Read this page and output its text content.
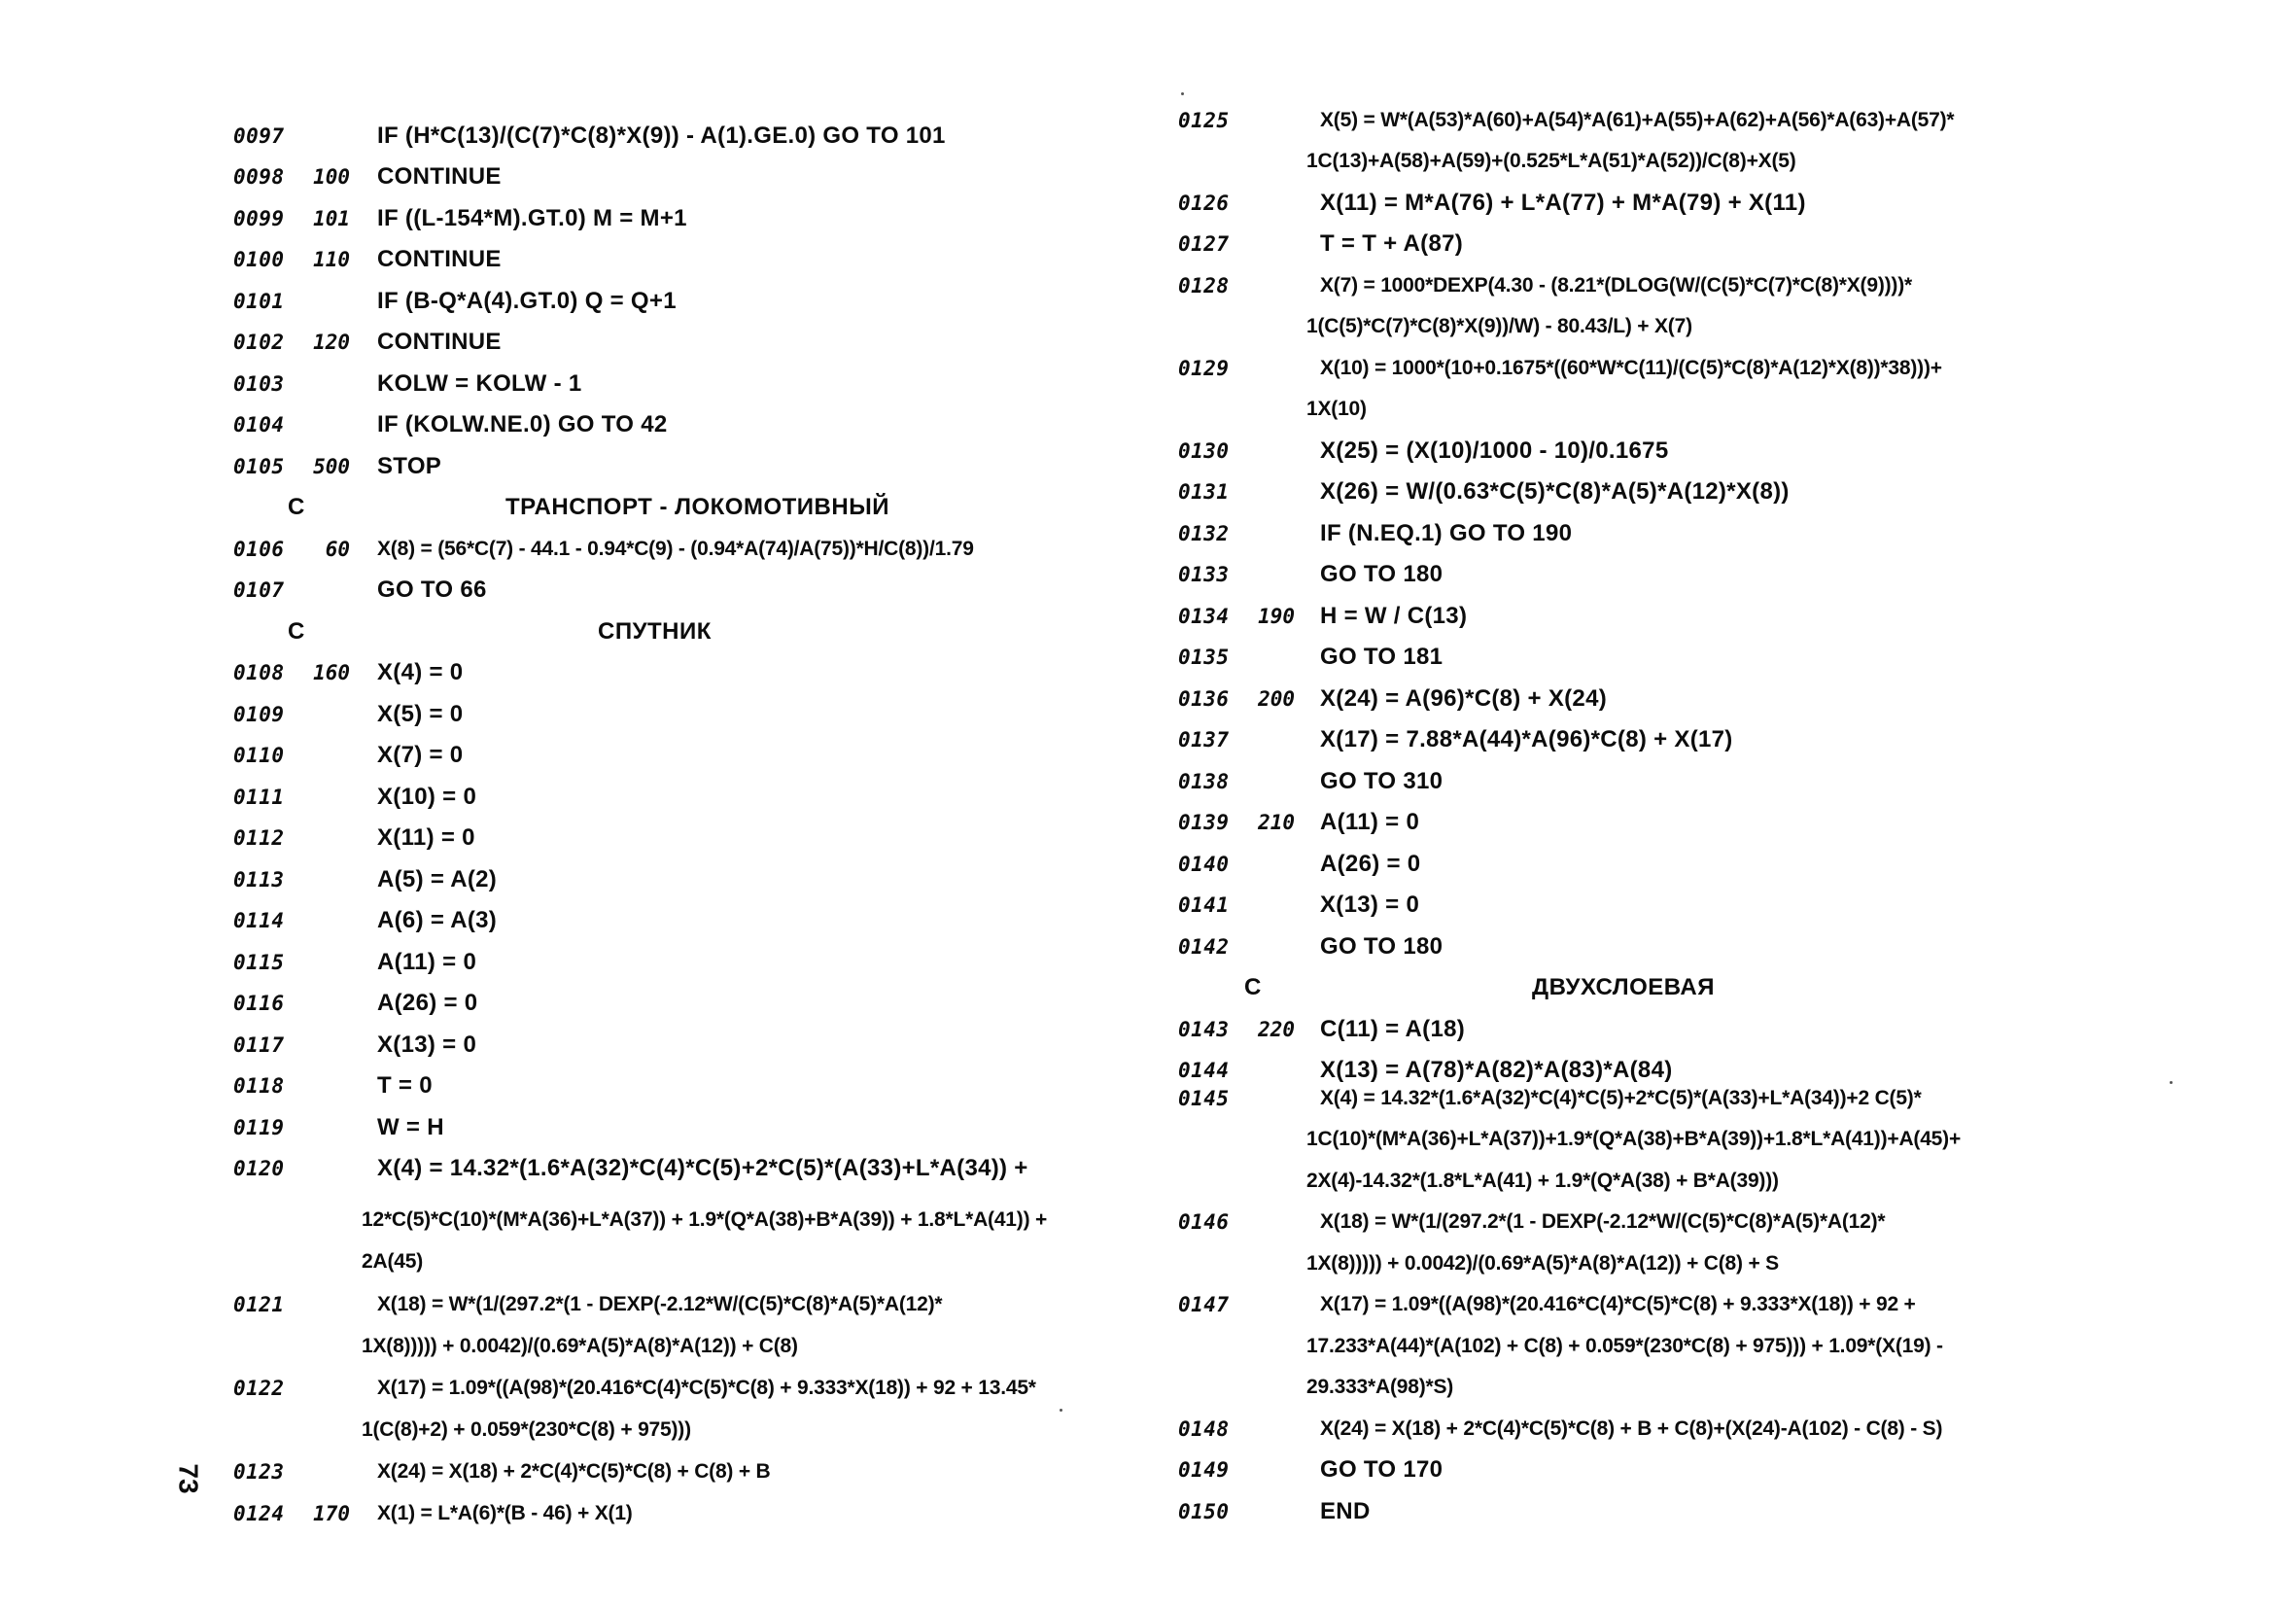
0097	IF (H*C(13)/(C(7)*C(8)*X(9)) - A(1).GE.0) GO TO 101
0098 100 CONTINUE
0099 101 IF ((L-154*M).GT.0) M = M+1
0100 110 CONTINUE
0101	IF (B-Q*A(4).GT.0) Q = Q+1
0102 120 CONTINUE
0103	KOLW = KOLW - 1
0104	IF (KOLW.NE.0) GO TO 42
0105 500 STOP
C	ТРАНСПОРТ - ЛОКОМОТИВНЫЙ
0106	60 X(8) = (56*C(7) - 44.1 - 0.94*C(9) - (0.94*A(74)/A(75))*H/C(8))/1.79
0107	GO TO 66
C	СПУТНИК
0108 160 X(4) = 0
0109	X(5) = 0
0110	X(7) = 0
0111	X(10) = 0
0112	X(11) = 0
0113	A(5) = A(2)
0114	A(6) = A(3)
0115	A(11) = 0
0116	A(26) = 0
0117	X(13) = 0
0118	T = 0
0119	W = H
0120	X(4) = 14.32*(1.6*A(32)*C(4)*C(5)+2*C(5)*(A(33)+L*A(34)) +
12*C(5)*C(10)*(M*A(36)+L*A(37)) + 1.9*(Q*A(38)+B*A(39)) + 1.8*L*A(41)) +
2A(45)
0121	X(18) = W*(1/(297.2*(1 - DEXP(-2.12*W/(C(5)*C(8)*A(5)*A(12)*
1X(8))))) + 0.0042)/(0.69*A(5)*A(8)*A(12)) + C(8)
0122	X(17) = 1.09*((A(98)*(20.416*C(4)*C(5)*C(8) + 9.333*X(18)) + 92 + 13.45*
1(C(8)+2) + 0.059*(230*C(8) + 975)))
0123	X(24) = X(18) + 2*C(4)*C(5)*C(8) + C(8) + B
0124 170 X(1) = L*A(6)*(B - 46) + X(1)
0125	X(5) = W*(A(53)*A(60)+A(54)*A(61)+A(55)+A(62)+A(56)*A(63)+A(57)*
1C(13)+A(58)+A(59)+(0.525*L*A(51)*A(52))/C(8)+X(5)
0126	X(11) = M*A(76) + L*A(77) + M*A(79) + X(11)
0127	T = T + A(87)
0128	X(7) = 1000*DEXP(4.30 - (8.21*(DLOG(W/(C(5)*C(7)*C(8)*X(9))))*
1(C(5)*C(7)*C(8)*X(9))/W) - 80.43/L) + X(7)
0129	X(10) = 1000*(10+0.1675*((60*W*C(11)/(C(5)*C(8)*A(12)*X(8))*38)))+
1X(10)
0130	X(25) = (X(10)/1000 - 10)/0.1675
0131	X(26) = W/(0.63*C(5)*C(8)*A(5)*A(12)*X(8))
0132	IF (N.EQ.1) GO TO 190
0133	GO TO 180
0134 190 H = W / C(13)
0135	GO TO 181
0136 200 X(24) = A(96)*C(8) + X(24)
0137	X(17) = 7.88*A(44)*A(96)*C(8) + X(17)
0138	GO TO 310
0139 210 A(11) = 0
0140	A(26) = 0
0141	X(13) = 0
0142	GO TO 180
C	ДВУХСЛОЕВАЯ
0143 220 C(11) = A(18)
0144	X(13) = A(78)*A(82)*A(83)*A(84)
0145	X(4) = 14.32*(1.6*A(32)*C(4)*C(5)+2*C(5)*(A(33)+L*A(34))+2 C(5)*
1C(10)*(M*A(36)+L*A(37))+1.9*(Q*A(38)+B*A(39))+1.8*L*A(41))+A(45)+
2X(4)-14.32*(1.8*L*A(41) + 1.9*(Q*A(38) + B*A(39)))
0146	X(18) = W*(1/(297.2*(1 - DEXP(-2.12*W/(C(5)*C(8)*A(5)*A(12)*
1X(8))))) + 0.0042)/(0.69*A(5)*A(8)*A(12)) + C(8) + S
0147	X(17) = 1.09*((A(98)*(20.416*C(4)*C(5)*C(8) + 9.333*X(18)) + 92 +
17.233*A(44)*(A(102) + C(8) + 0.059*(230*C(8) + 975))) + 1.09*(X(19) -
29.333*A(98)*S)
0148	X(24) = X(18) + 2*C(4)*C(5)*C(8) + B + C(8)+(X(24)-A(102) - C(8) - S)
0149	GO TO 170
0150	END
73
